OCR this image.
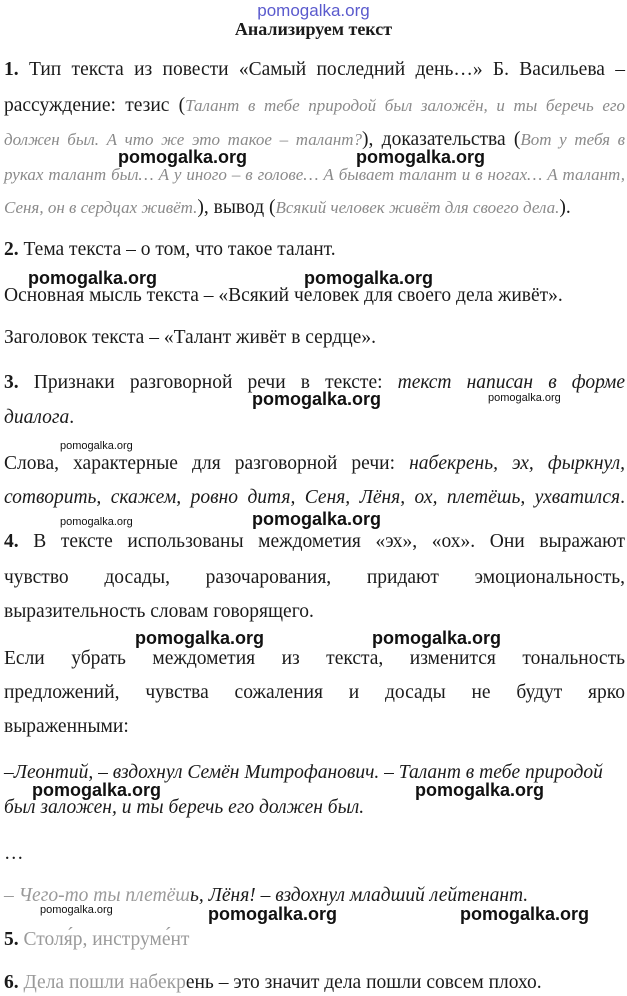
pomogalka.org
Анализируем текст
1. Тип текста из повести «Самый последний день…» Б. Васильева –
рассуждение: тезис (Талант в тебе природой был заложён, и ты беречь его
должен был. А что же это такое – талант?), доказательства (Вот у тебя в
руках талант был… А у иного – в голове… А бывает талант и в ногах… А талант,
Сеня, он в сердцах живёт.), вывод (Всякий человек живёт для своего дела.).
2. Тема текста – о том, что такое талант.
Основная мысль текста – «Всякий человек для своего дела живёт».
Заголовок текста – «Талант живёт в сердце».
3. Признаки разговорной речи в тексте: текст написан в форме
диалога.
Слова, характерные для разговорной речи: набекрень, эх, фыркнул,
сотворить, скажем, ровно дитя, Сеня, Лёня, ох, плетёшь, ухватился.
4. В тексте использованы междометия «эх», «ох». Они выражают
чувство досады, разочарования, придают эмоциональность,
выразительность словам говорящего.
Если убрать междометия из текста, изменится тональность
предложений, чувства сожаления и досады не будут ярко
выраженными:
–Леонтий, – вздохнул Семён Митрофанович. – Талант в тебе природой
был заложен, и ты беречь его должен был.
…
– Чего-то ты плетёшь, Лёня! – вздохнул младший лейтенант.
5. Столя́р, инструме́нт
6. Дела пошли набекрень – это значит дела пошли совсем плохо.
pomogalka.org	pomogalka.org
pomogalka.org	pomogalka.org
pomogalka.org	pomogalka.org
pomogalka.org
pomogalka.org	pomogalka.org
pomogalka.org	pomogalka.org
pomogalka.org	pomogalka.org
pomogalka.org	pomogalka.org	pomogalka.org
